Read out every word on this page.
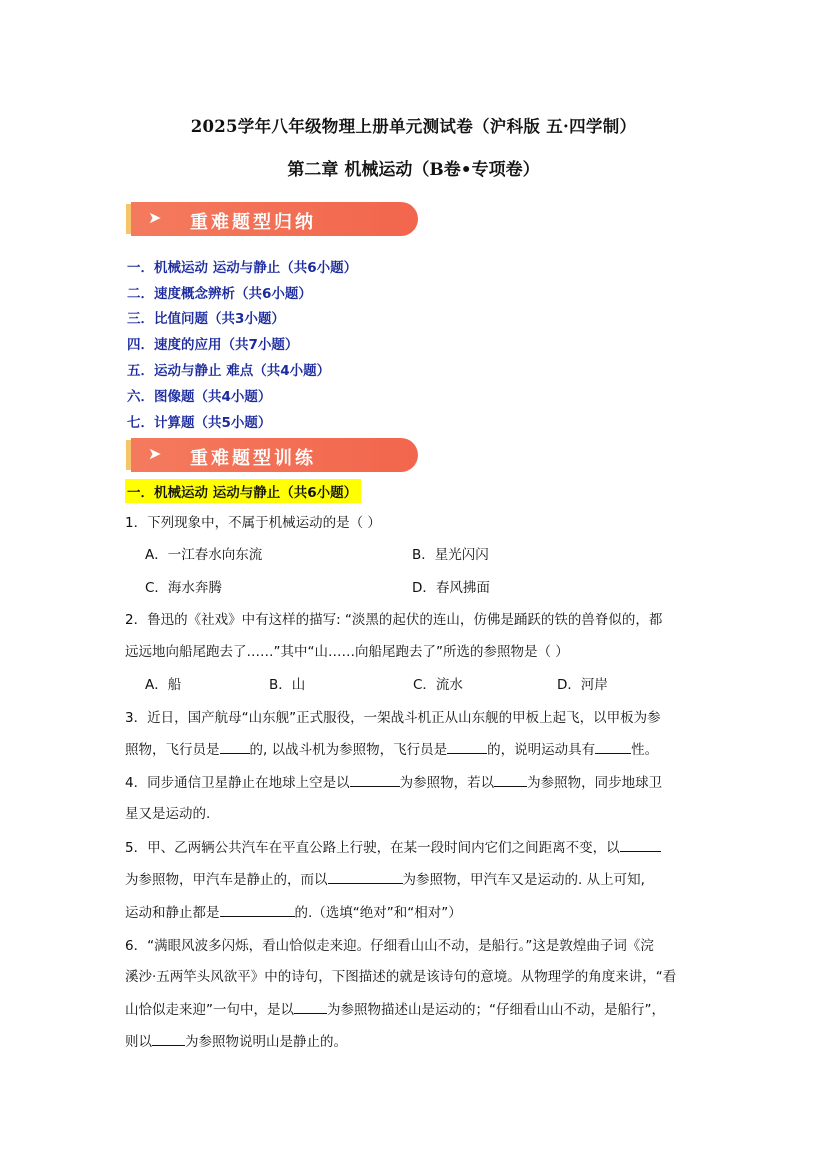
2025学年八年级物理上册单元测试卷（沪科版 五·四学制）
第二章 机械运动（B卷•专项卷）
➤ 重难题型归纳
一．机械运动 运动与静止（共6小题）
二．速度概念辨析（共6小题）
三．比值问题（共3小题）
四．速度的应用（共7小题）
五．运动与静止 难点（共4小题）
六．图像题（共4小题）
七．计算题（共5小题）
➤ 重难题型训练
一．机械运动 运动与静止（共6小题）
1．下列现象中，不属于机械运动的是（ ）
A．一江春水向东流	B．星光闪闪
C．海水奔腾	D．春风拂面
2．鲁迅的《社戏》中有这样的描写: “淡黑的起伏的连山，仿佛是踊跃的铁的兽脊似的，都
远远地向船尾跑去了……”其中“山……向船尾跑去了”所选的参照物是（ ）
A．船	B．山	C．流水	D．河岸
3．近日，国产航母“山东舰”正式服役，一架战斗机正从山东舰的甲板上起飞，以甲板为参
照物，飞行员是 的, 以战斗机为参照物，飞行员是	的，说明运动具有	性。
4．同步通信卫星静止在地球上空是以	为参照物，若以 为参照物，同步地球卫
星又是运动的.
5．甲、乙两辆公共汽车在平直公路上行驶，在某一段时间内它们之间距离不变，以
为参照物，甲汽车是静止的，而以	为参照物，甲汽车又是运动的. 从上可知,
运动和静止都是	的.（选填“绝对”和“相对”）
6．“满眼风波多闪烁，看山恰似走来迎。仔细看山山不动，是船行。”这是敦煌曲子词《浣
溪沙·五两竿头风欲平》中的诗句，下图描述的就是该诗句的意境。从物理学的角度来讲，“看
山恰似走来迎”一句中，是以 为参照物描述山是运动的；“仔细看山山不动，是船行”，
则以 为参照物说明山是静止的。
